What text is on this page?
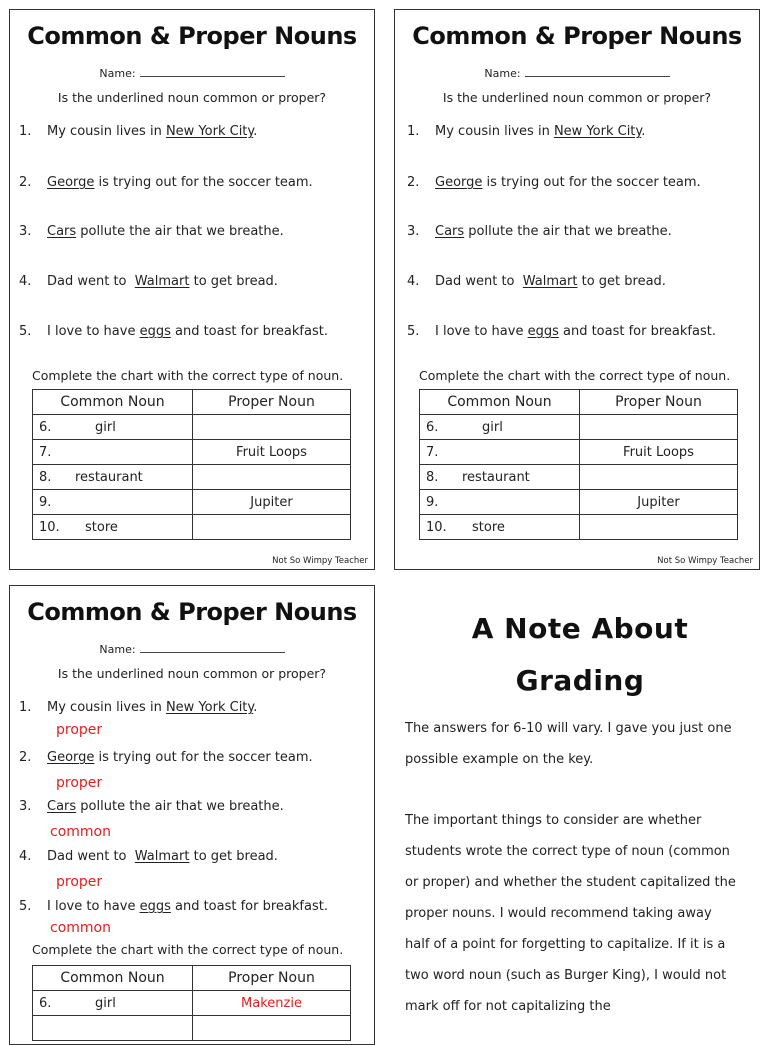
Common & Proper Nouns
Name:
Is the underlined noun common or proper?
1. My cousin lives in New York City.
2. George is trying out for the soccer team.
3. Cars pollute the air that we breathe.
4. Dad went to  Walmart to get bread.
5. I love to have eggs and toast for breakfast.
Complete the chart with the correct type of noun.
Common Noun	Proper Noun
6. girl	
7.	Fruit Loops
8. restaurant	
9.	Jupiter
10. store	
Not So Wimpy Teacher
Common & Proper Nouns
Name:
Is the underlined noun common or proper?
1. My cousin lives in New York City.
2. George is trying out for the soccer team.
3. Cars pollute the air that we breathe.
4. Dad went to  Walmart to get bread.
5. I love to have eggs and toast for breakfast.
Complete the chart with the correct type of noun.
Common Noun	Proper Noun
6. girl	
7.	Fruit Loops
8. restaurant	
9.	Jupiter
10. store	
Not So Wimpy Teacher
Common & Proper Nouns
Name:
Is the underlined noun common or proper?
1. My cousin lives in New York City.
proper
2. George is trying out for the soccer team.
proper
3. Cars pollute the air that we breathe.
common
4. Dad went to  Walmart to get bread.
proper
5. I love to have eggs and toast for breakfast.
common
Complete the chart with the correct type of noun.
Common Noun	Proper Noun
6. girl	Makenzie

A Note About
Grading
The answers for 6-10 will vary. I gave you just one possible example on the key.
The important things to consider are whether students wrote the correct type of noun (common or proper) and whether the student capitalized the proper nouns. I would recommend taking away half of a point for forgetting to capitalize. If it is a two word noun (such as Burger King), I would not mark off for not capitalizing the
